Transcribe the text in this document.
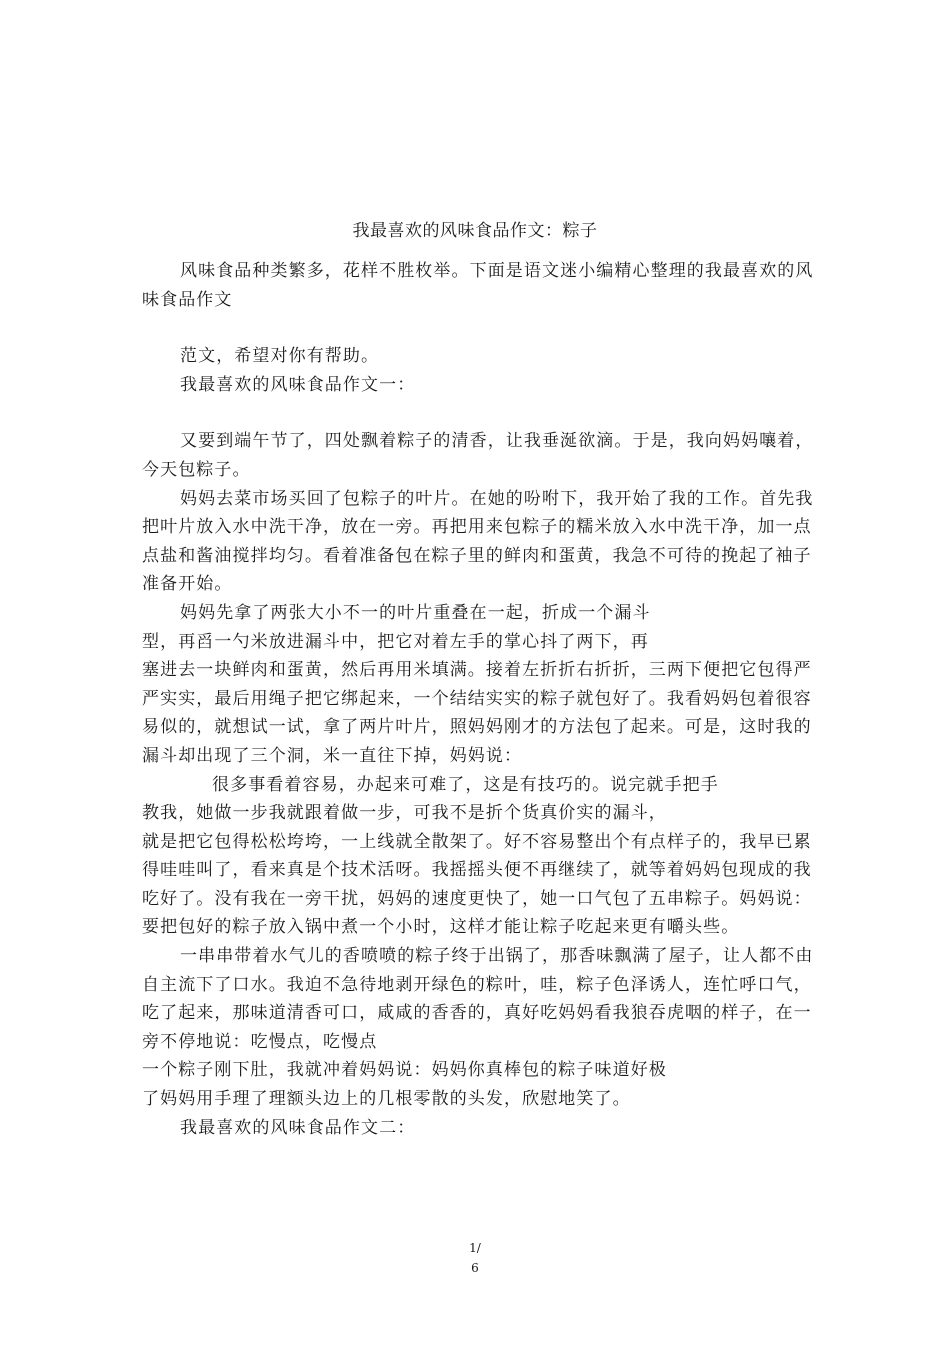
我最喜欢的风味食品作文：粽子

风味食品种类繁多，花样不胜枚举。下面是语文迷小编精心整理的我最喜欢的风味食品作文

范文，希望对你有帮助。

我最喜欢的风味食品作文一：

又要到端午节了，四处飘着粽子的清香，让我垂涎欲滴。于是，我向妈妈嚷着，今天包粽子。

妈妈去菜市场买回了包粽子的叶片。在她的吩咐下，我开始了我的工作。首先我把叶片放入水中洗干净，放在一旁。再把用来包粽子的糯米放入水中洗干净，加一点点盐和酱油搅拌均匀。看着准备包在粽子里的鲜肉和蛋黄，我急不可待的挽起了袖子准备开始。

妈妈先拿了两张大小不一的叶片重叠在一起，折成一个漏斗

型，再舀一勺米放进漏斗中，把它对着左手的掌心抖了两下，再

塞进去一块鲜肉和蛋黄，然后再用米填满。接着左折折右折折，三两下便把它包得严严实实，最后用绳子把它绑起来，一个结结实实的粽子就包好了。我看妈妈包着很容易似的，就想试一试，拿了两片叶片，照妈妈刚才的方法包了起来。可是，这时我的漏斗却出现了三个洞，米一直往下掉，妈妈说：

很多事看着容易，办起来可难了，这是有技巧的。说完就手把手

教我，她做一步我就跟着做一步，可我不是折个货真价实的漏斗，

就是把它包得松松垮垮，一上线就全散架了。好不容易整出个有点样子的，我早已累得哇哇叫了，看来真是个技术活呀。我摇摇头便不再继续了，就等着妈妈包现成的我吃好了。没有我在一旁干扰，妈妈的速度更快了，她一口气包了五串粽子。妈妈说：要把包好的粽子放入锅中煮一个小时，这样才能让粽子吃起来更有嚼头些。

一串串带着水气儿的香喷喷的粽子终于出锅了，那香味飘满了屋子，让人都不由自主流下了口水。我迫不急待地剥开绿色的粽叶，哇，粽子色泽诱人，连忙呼口气，吃了起来，那味道清香可口，咸咸的香香的，真好吃妈妈看我狼吞虎咽的样子，在一旁不停地说：吃慢点，吃慢点

一个粽子刚下肚，我就冲着妈妈说：妈妈你真棒包的粽子味道好极

了妈妈用手理了理额头边上的几根零散的头发，欣慰地笑了。

我最喜欢的风味食品作文二：

1/
6
